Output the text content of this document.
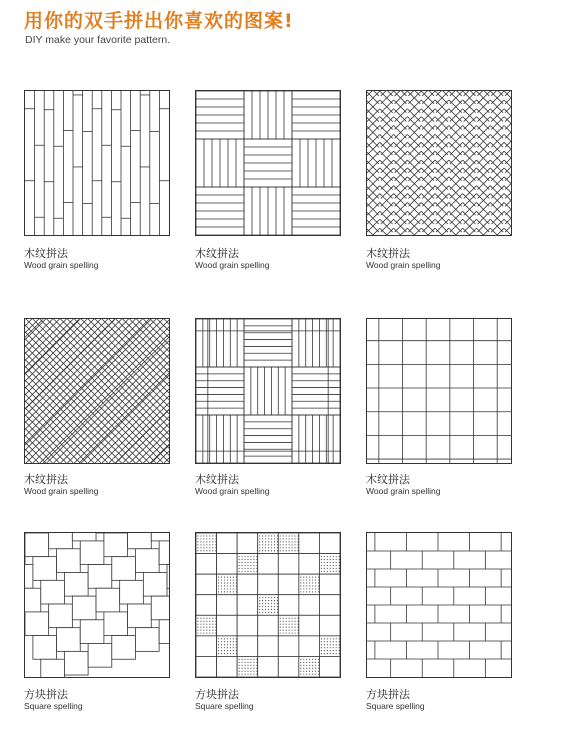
用你的双手拼出你喜欢的图案!
DIY make your favorite pattern.
木纹拼法
Wood grain spelling
木纹拼法
Wood grain spelling
木纹拼法
Wood grain spelling
木纹拼法
Wood grain spelling
木纹拼法
Wood grain spelling
木纹拼法
Wood grain spelling
方块拼法
Square spelling
方块拼法
Square spelling
方块拼法
Square spelling
